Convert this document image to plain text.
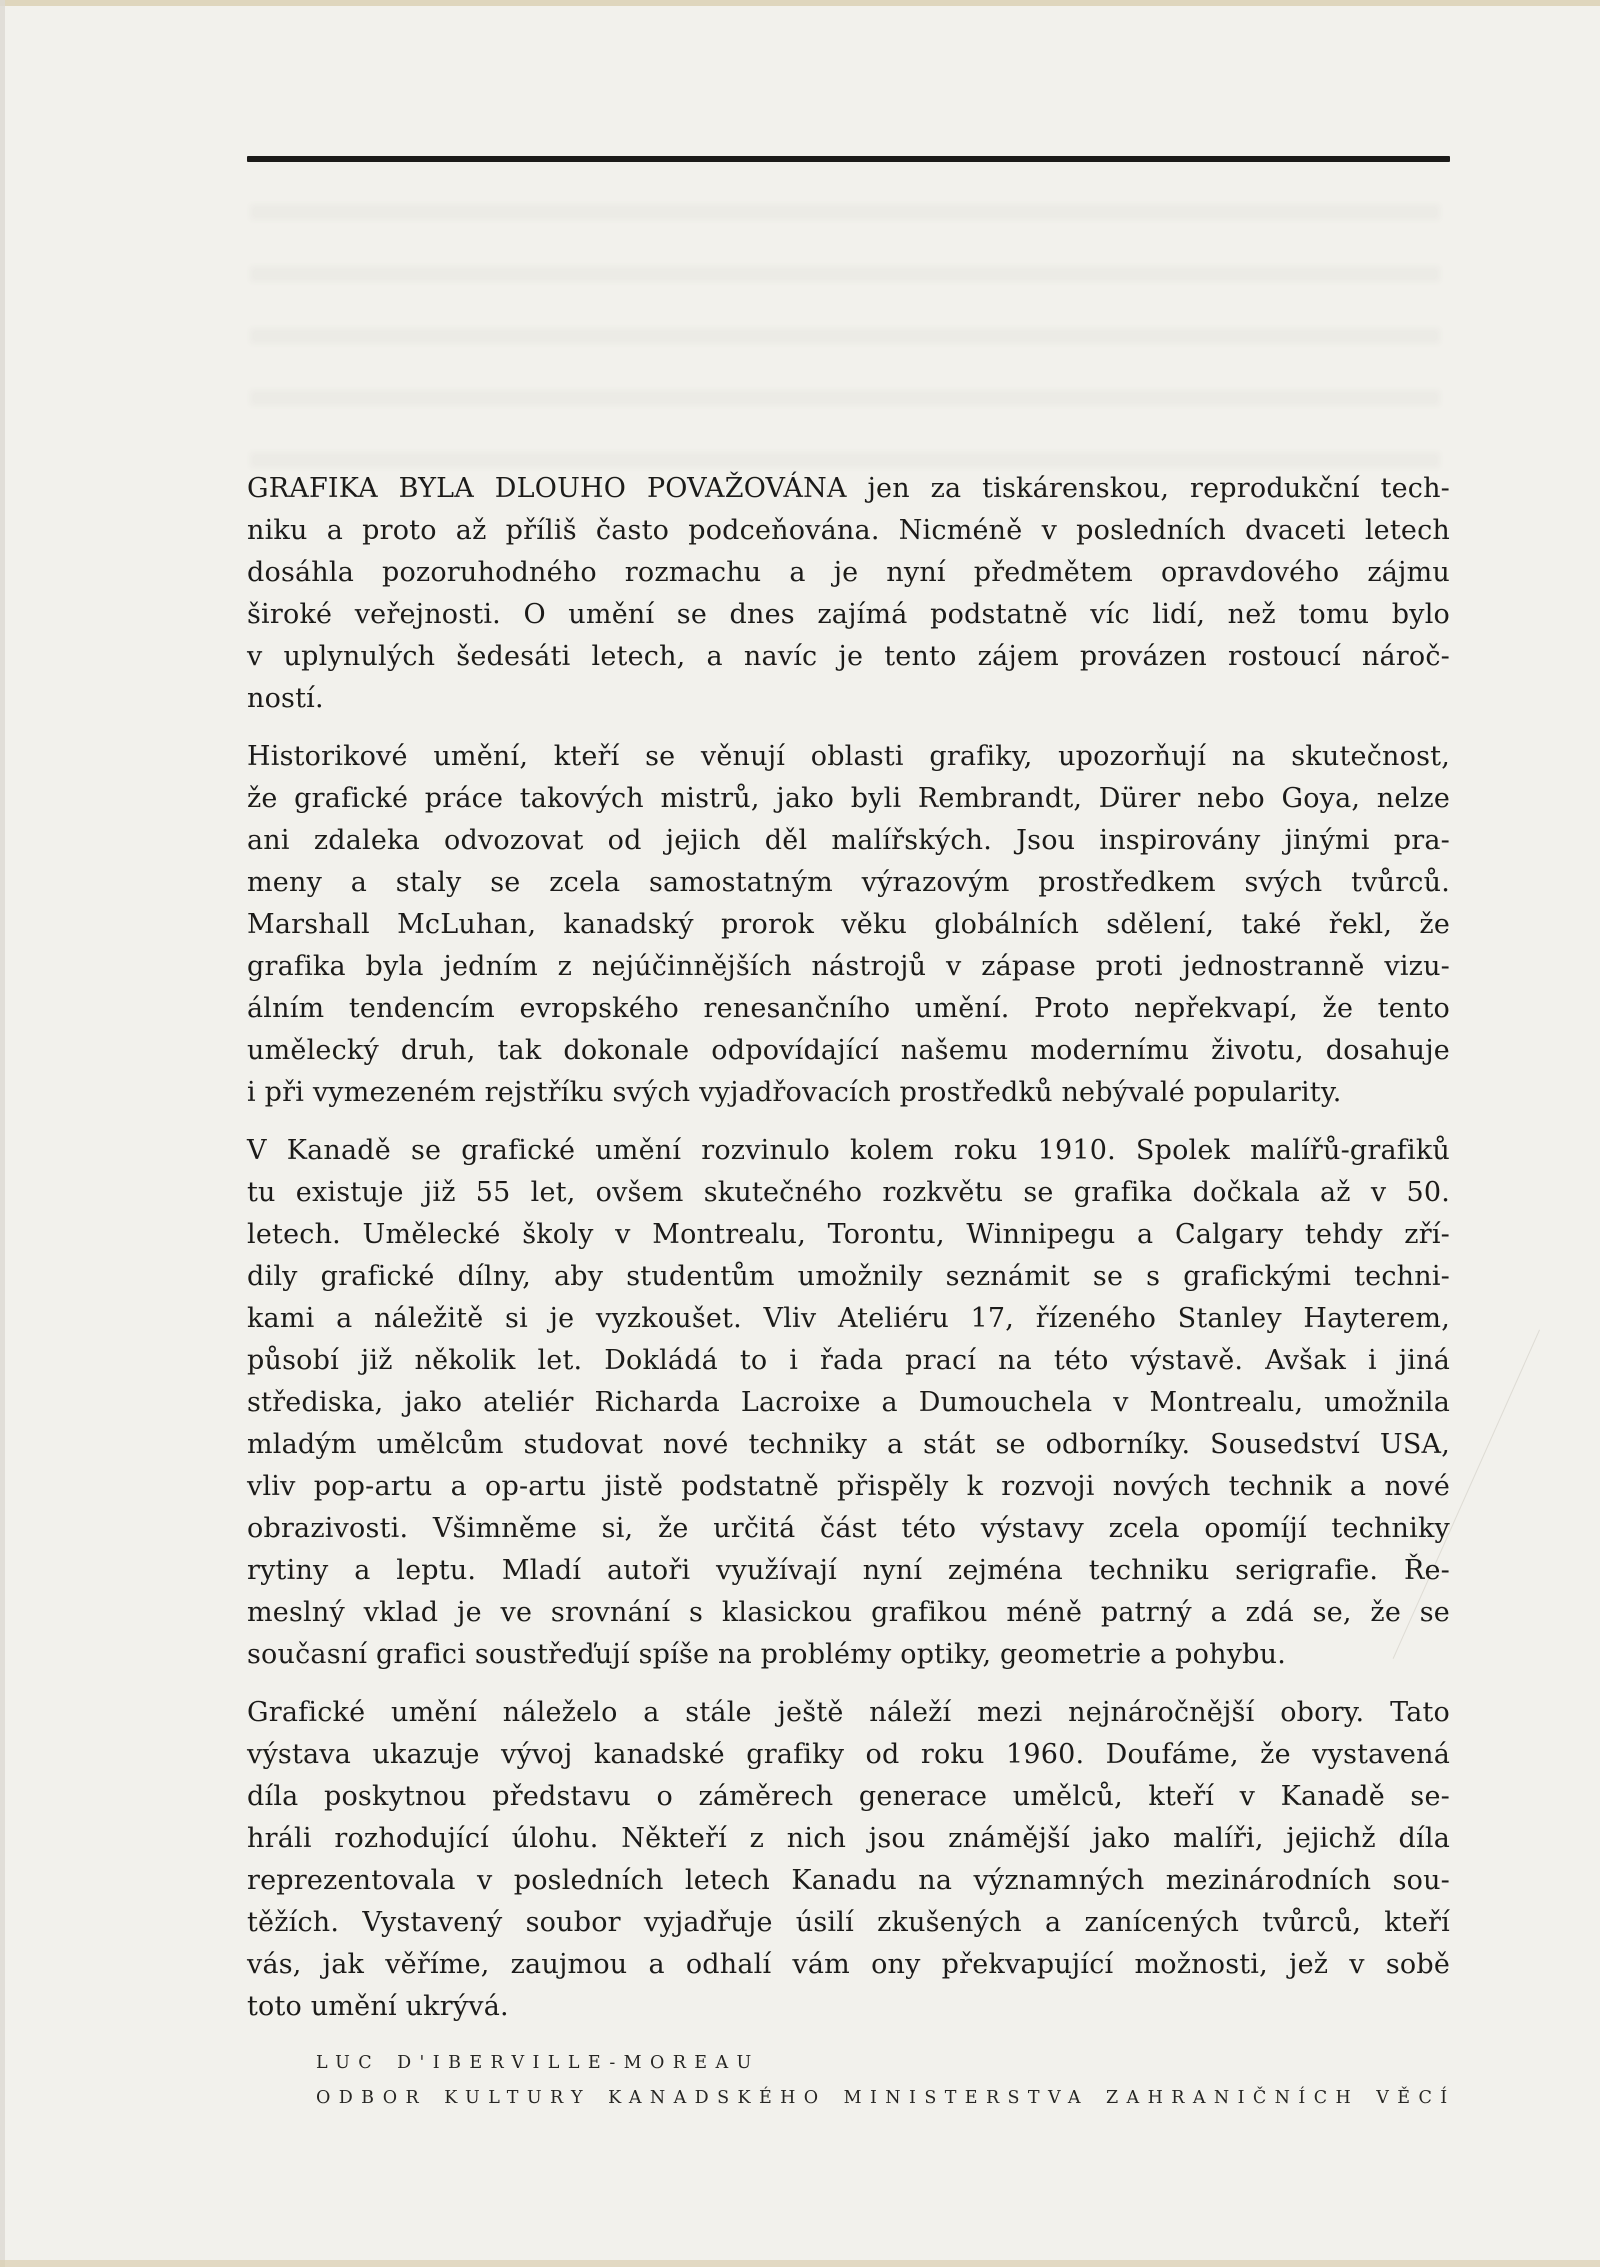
GRAFIKA BYLA DLOUHO POVAŽOVÁNA jen za tiskárenskou, reprodukční tech-
niku a proto až příliš často podceňována. Nicméně v posledních dvaceti letech
dosáhla pozoruhodného rozmachu a je nyní předmětem opravdového zájmu
široké veřejnosti. O umění se dnes zajímá podstatně víc lidí, než tomu bylo
v uplynulých šedesáti letech, a navíc je tento zájem provázen rostoucí nároč-
ností.
Historikové umění, kteří se věnují oblasti grafiky, upozorňují na skutečnost,
že grafické práce takových mistrů, jako byli Rembrandt, Dürer nebo Goya, nelze
ani zdaleka odvozovat od jejich děl malířských. Jsou inspirovány jinými pra-
meny a staly se zcela samostatným výrazovým prostředkem svých tvůrců.
Marshall McLuhan, kanadský prorok věku globálních sdělení, také řekl, že
grafika byla jedním z nejúčinnějších nástrojů v zápase proti jednostranně vizu-
álním tendencím evropského renesančního umění. Proto nepřekvapí, že tento
umělecký druh, tak dokonale odpovídající našemu modernímu životu, dosahuje
i při vymezeném rejstříku svých vyjadřovacích prostředků nebývalé popularity.
V Kanadě se grafické umění rozvinulo kolem roku 1910. Spolek malířů-grafiků
tu existuje již 55 let, ovšem skutečného rozkvětu se grafika dočkala až v 50.
letech. Umělecké školy v Montrealu, Torontu, Winnipegu a Calgary tehdy zří-
dily grafické dílny, aby studentům umožnily seznámit se s grafickými techni-
kami a náležitě si je vyzkoušet. Vliv Ateliéru 17, řízeného Stanley Hayterem,
působí již několik let. Dokládá to i řada prací na této výstavě. Avšak i jiná
střediska, jako ateliér Richarda Lacroixe a Dumouchela v Montrealu, umožnila
mladým umělcům studovat nové techniky a stát se odborníky. Sousedství USA,
vliv pop-artu a op-artu jistě podstatně přispěly k rozvoji nových technik a nové
obrazivosti. Všimněme si, že určitá část této výstavy zcela opomíjí techniky
rytiny a leptu. Mladí autoři využívají nyní zejména techniku serigrafie. Ře-
meslný vklad je ve srovnání s klasickou grafikou méně patrný a zdá se, že se
současní grafici soustřeďují spíše na problémy optiky, geometrie a pohybu.
Grafické umění náleželo a stále ještě náleží mezi nejnáročnější obory. Tato
výstava ukazuje vývoj kanadské grafiky od roku 1960. Doufáme, že vystavená
díla poskytnou představu o záměrech generace umělců, kteří v Kanadě se-
hráli rozhodující úlohu. Někteří z nich jsou známější jako malíři, jejichž díla
reprezentovala v posledních letech Kanadu na významných mezinárodních sou-
těžích. Vystavený soubor vyjadřuje úsilí zkušených a zanícených tvůrců, kteří
vás, jak věříme, zaujmou a odhalí vám ony překvapující možnosti, jež v sobě
toto umění ukrývá.
LUC D'IBERVILLE-MOREAU
ODBOR KULTURY KANADSKÉHO MINISTERSTVA ZAHRANIČNÍCH VĚCÍ
